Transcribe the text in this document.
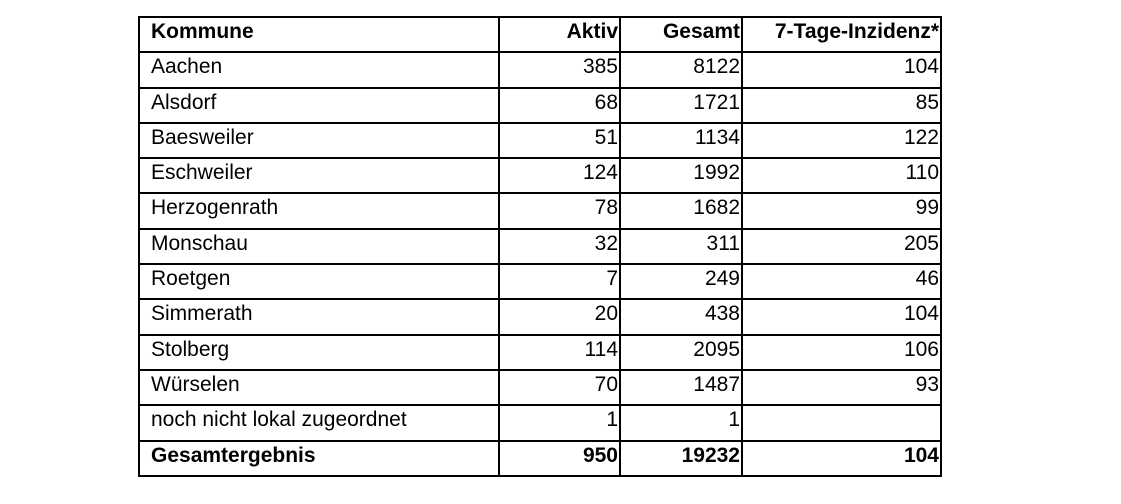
Kommune	Aktiv	Gesamt	7-Tage-Inzidenz*
Aachen	385	8122	104
Alsdorf	68	1721	85
Baesweiler	51	1134	122
Eschweiler	124	1992	110
Herzogenrath	78	1682	99
Monschau	32	311	205
Roetgen	7	249	46
Simmerath	20	438	104
Stolberg	114	2095	106
Würselen	70	1487	93
noch nicht lokal zugeordnet	1	1	
Gesamtergebnis	950	19232	104
